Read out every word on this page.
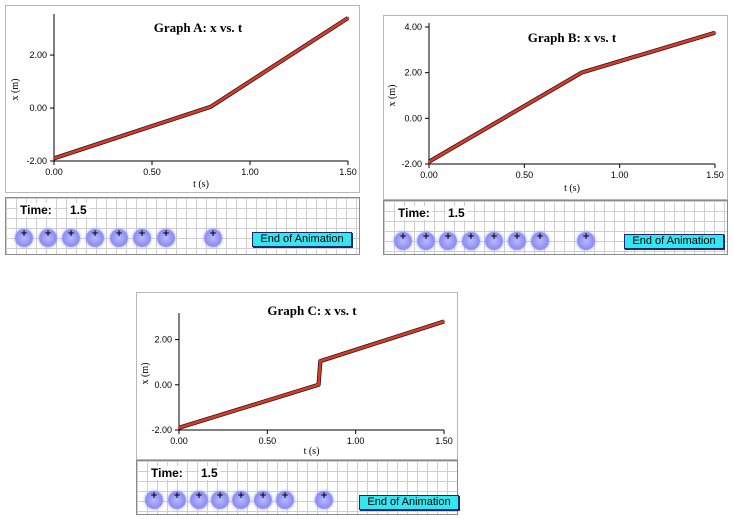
Graph A: x vs. t
0.00	0.50	1.00	1.50
-2.00
0.00
2.00
t (s)
x (m)
Time: 1.5
End of Animation
+
+
+
+
+
+
+
+
Graph B: x vs. t
0.00	0.50	1.00	1.50
-2.00
0.00
2.00
4.00
t (s)
x (m)
Time: 1.5
End of Animation
+
+
+
+
+
+
+
+
Graph C: x vs. t
0.00	0.50	1.00	1.50
-2.00
0.00
2.00
t (s)
x (m)
Time: 1.5
End of Animation
+
+
+
+
+
+
+
+
